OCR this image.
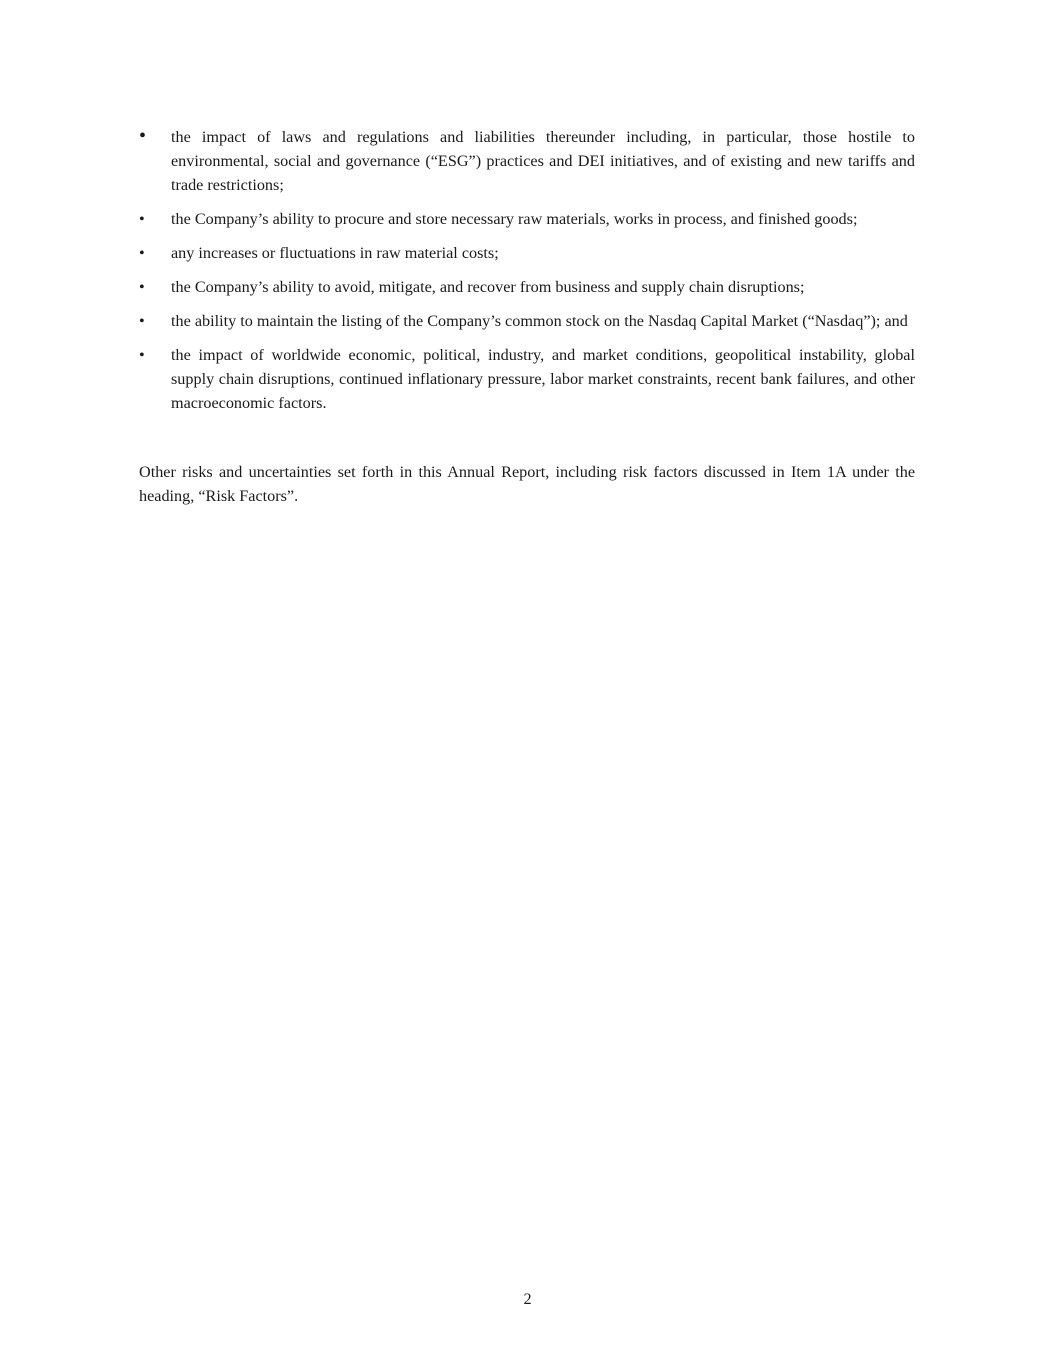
•	the impact of laws and regulations and liabilities thereunder including, in particular, those hostile to environmental, social and governance (“ESG”) practices and DEI initiatives, and of existing and new tariffs and trade restrictions;
•	the Company’s ability to procure and store necessary raw materials, works in process, and finished goods;
•	any increases or fluctuations in raw material costs;
•	the Company’s ability to avoid, mitigate, and recover from business and supply chain disruptions;
•	the ability to maintain the listing of the Company’s common stock on the Nasdaq Capital Market (“Nasdaq”); and
•	the impact of worldwide economic, political, industry, and market conditions, geopolitical instability, global supply chain disruptions, continued inflationary pressure, labor market constraints, recent bank failures, and other macroeconomic factors.

Other risks and uncertainties set forth in this Annual Report, including risk factors discussed in Item 1A under the heading, “Risk Factors”.

2
